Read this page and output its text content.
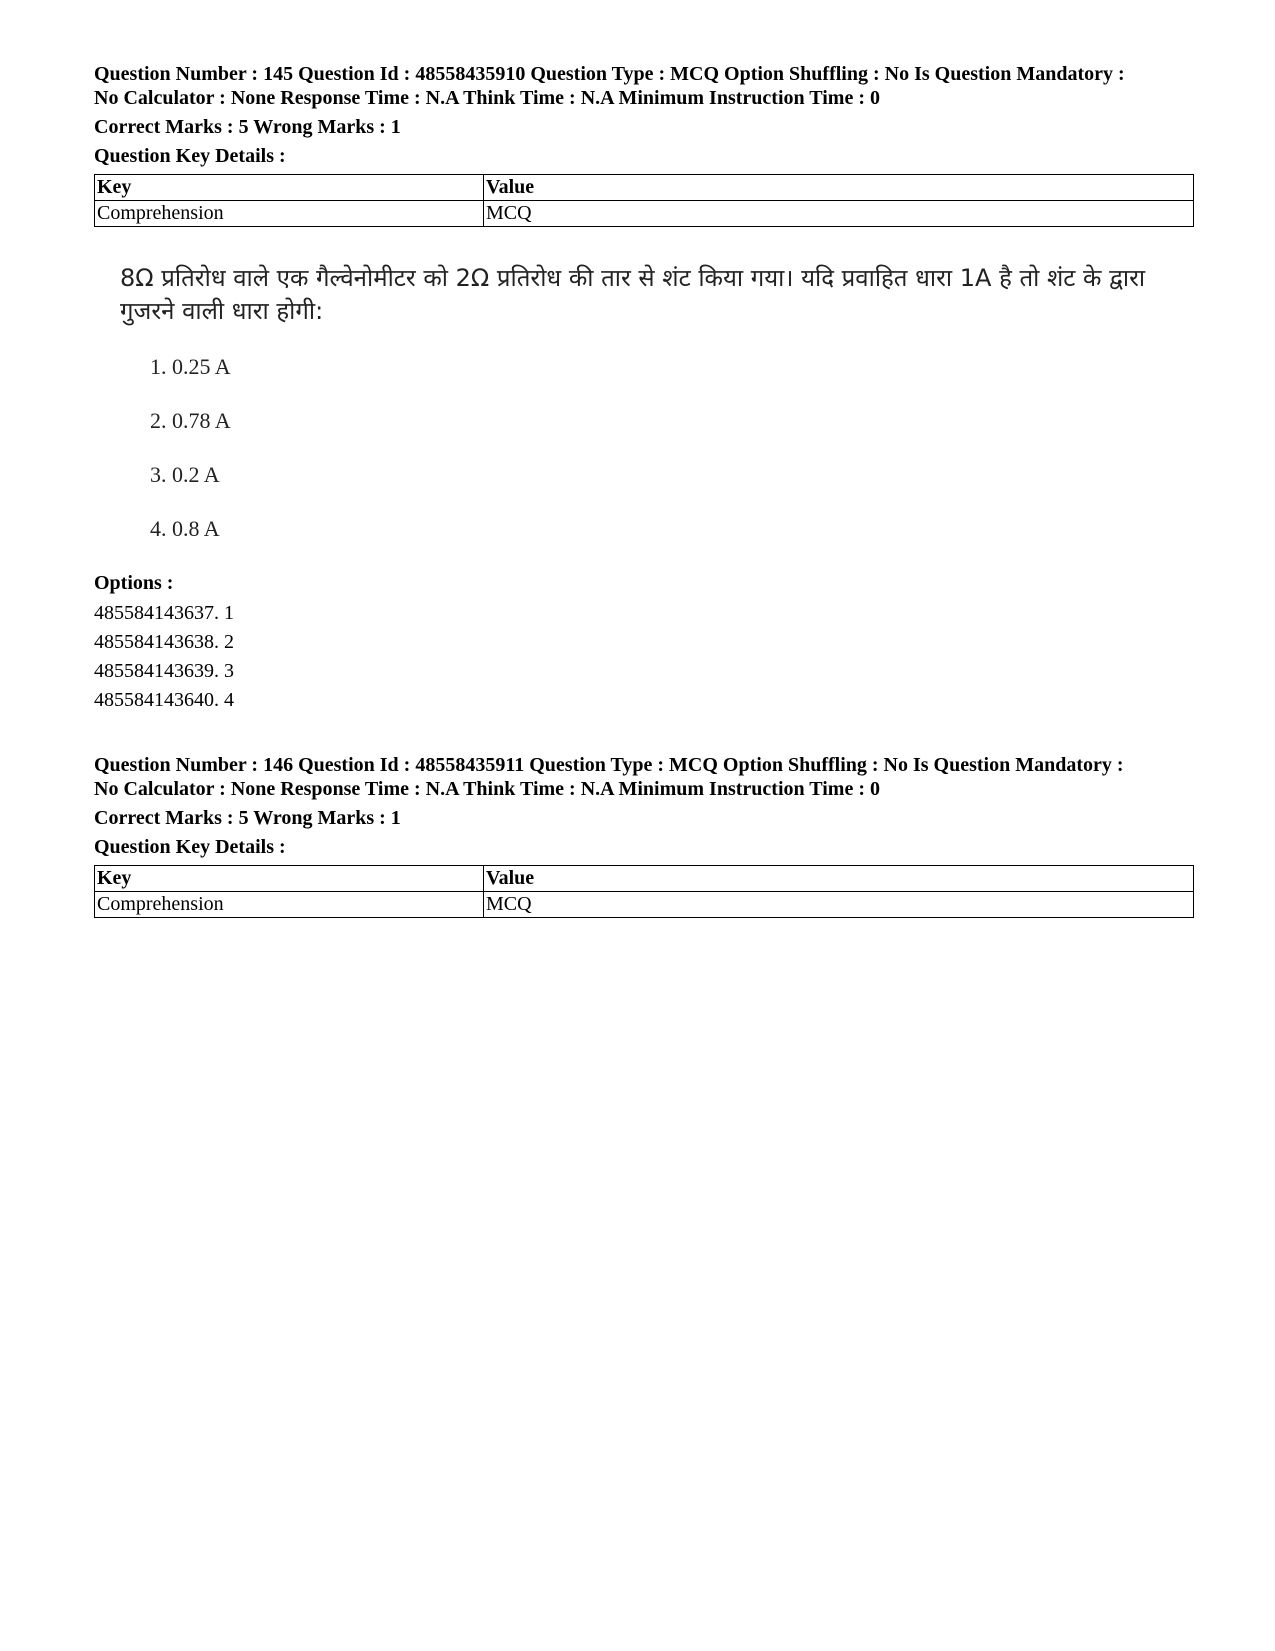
Question Number : 145 Question Id : 48558435910 Question Type : MCQ Option Shuffling : No Is Question Mandatory :
No Calculator : None Response Time : N.A Think Time : N.A Minimum Instruction Time : 0
Correct Marks : 5 Wrong Marks : 1
Question Key Details :
Key	Value
Comprehension	MCQ
8Ω प्रतिरोध वाले एक गैल्वेनोमीटर को 2Ω प्रतिरोध की तार से शंट किया गया। यदि प्रवाहित धारा 1A है तो शंट के द्वारा गुजरने वाली धारा होगी:
1. 0.25 A
2. 0.78 A
3. 0.2 A
4. 0.8 A
Options :
485584143637. 1
485584143638. 2
485584143639. 3
485584143640. 4
Question Number : 146 Question Id : 48558435911 Question Type : MCQ Option Shuffling : No Is Question Mandatory :
No Calculator : None Response Time : N.A Think Time : N.A Minimum Instruction Time : 0
Correct Marks : 5 Wrong Marks : 1
Question Key Details :
Key	Value
Comprehension	MCQ
